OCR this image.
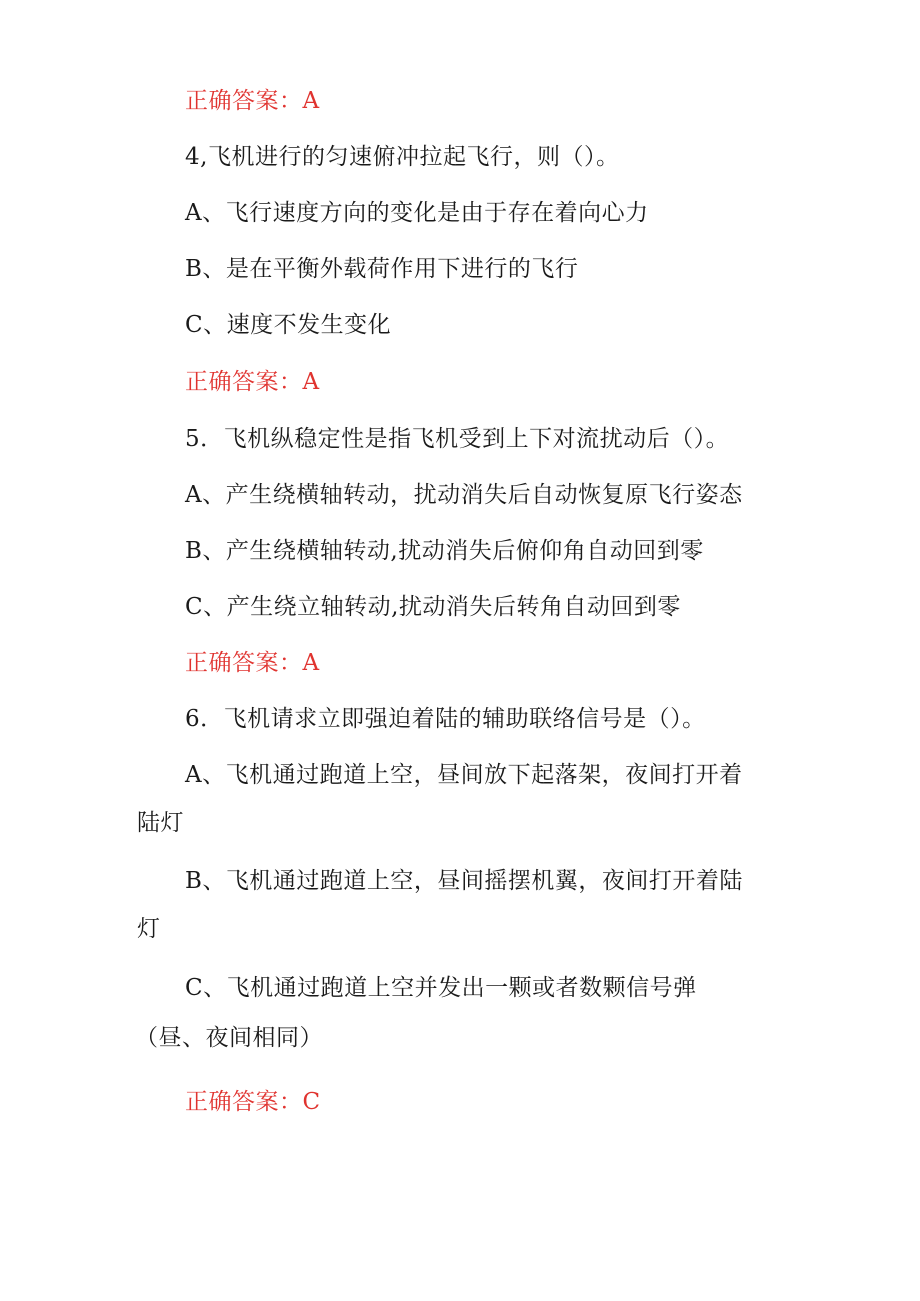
正确答案：A
4,飞机进行的匀速俯冲拉起飞行，则（）。
A、飞行速度方向的变化是由于存在着向心力
B、是在平衡外载荷作用下进行的飞行
C、速度不发生变化
正确答案：A
5．飞机纵稳定性是指飞机受到上下对流扰动后（）。
A、产生绕横轴转动，扰动消失后自动恢复原飞行姿态
B、产生绕横轴转动,扰动消失后俯仰角自动回到零
C、产生绕立轴转动,扰动消失后转角自动回到零
正确答案：A
6．飞机请求立即强迫着陆的辅助联络信号是（）。
A、飞机通过跑道上空，昼间放下起落架，夜间打开着
陆灯
B、飞机通过跑道上空，昼间摇摆机翼，夜间打开着陆
灯
C、飞机通过跑道上空并发出一颗或者数颗信号弹
（昼、夜间相同）
正确答案：C
